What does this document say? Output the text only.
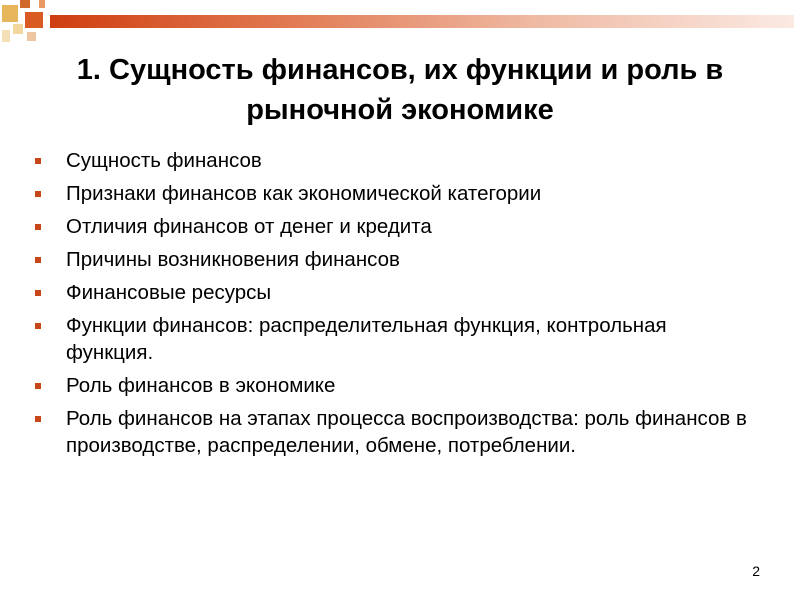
1. Сущность финансов, их функции и роль в рыночной экономике
Сущность финансов
Признаки финансов как экономической категории
Отличия финансов от денег и кредита
Причины возникновения финансов
Финансовые ресурсы
Функции финансов: распределительная функция, контрольная функция.
Роль финансов в экономике
Роль финансов на этапах процесса воспроизводства: роль финансов в производстве, распределении, обмене, потреблении.
2
